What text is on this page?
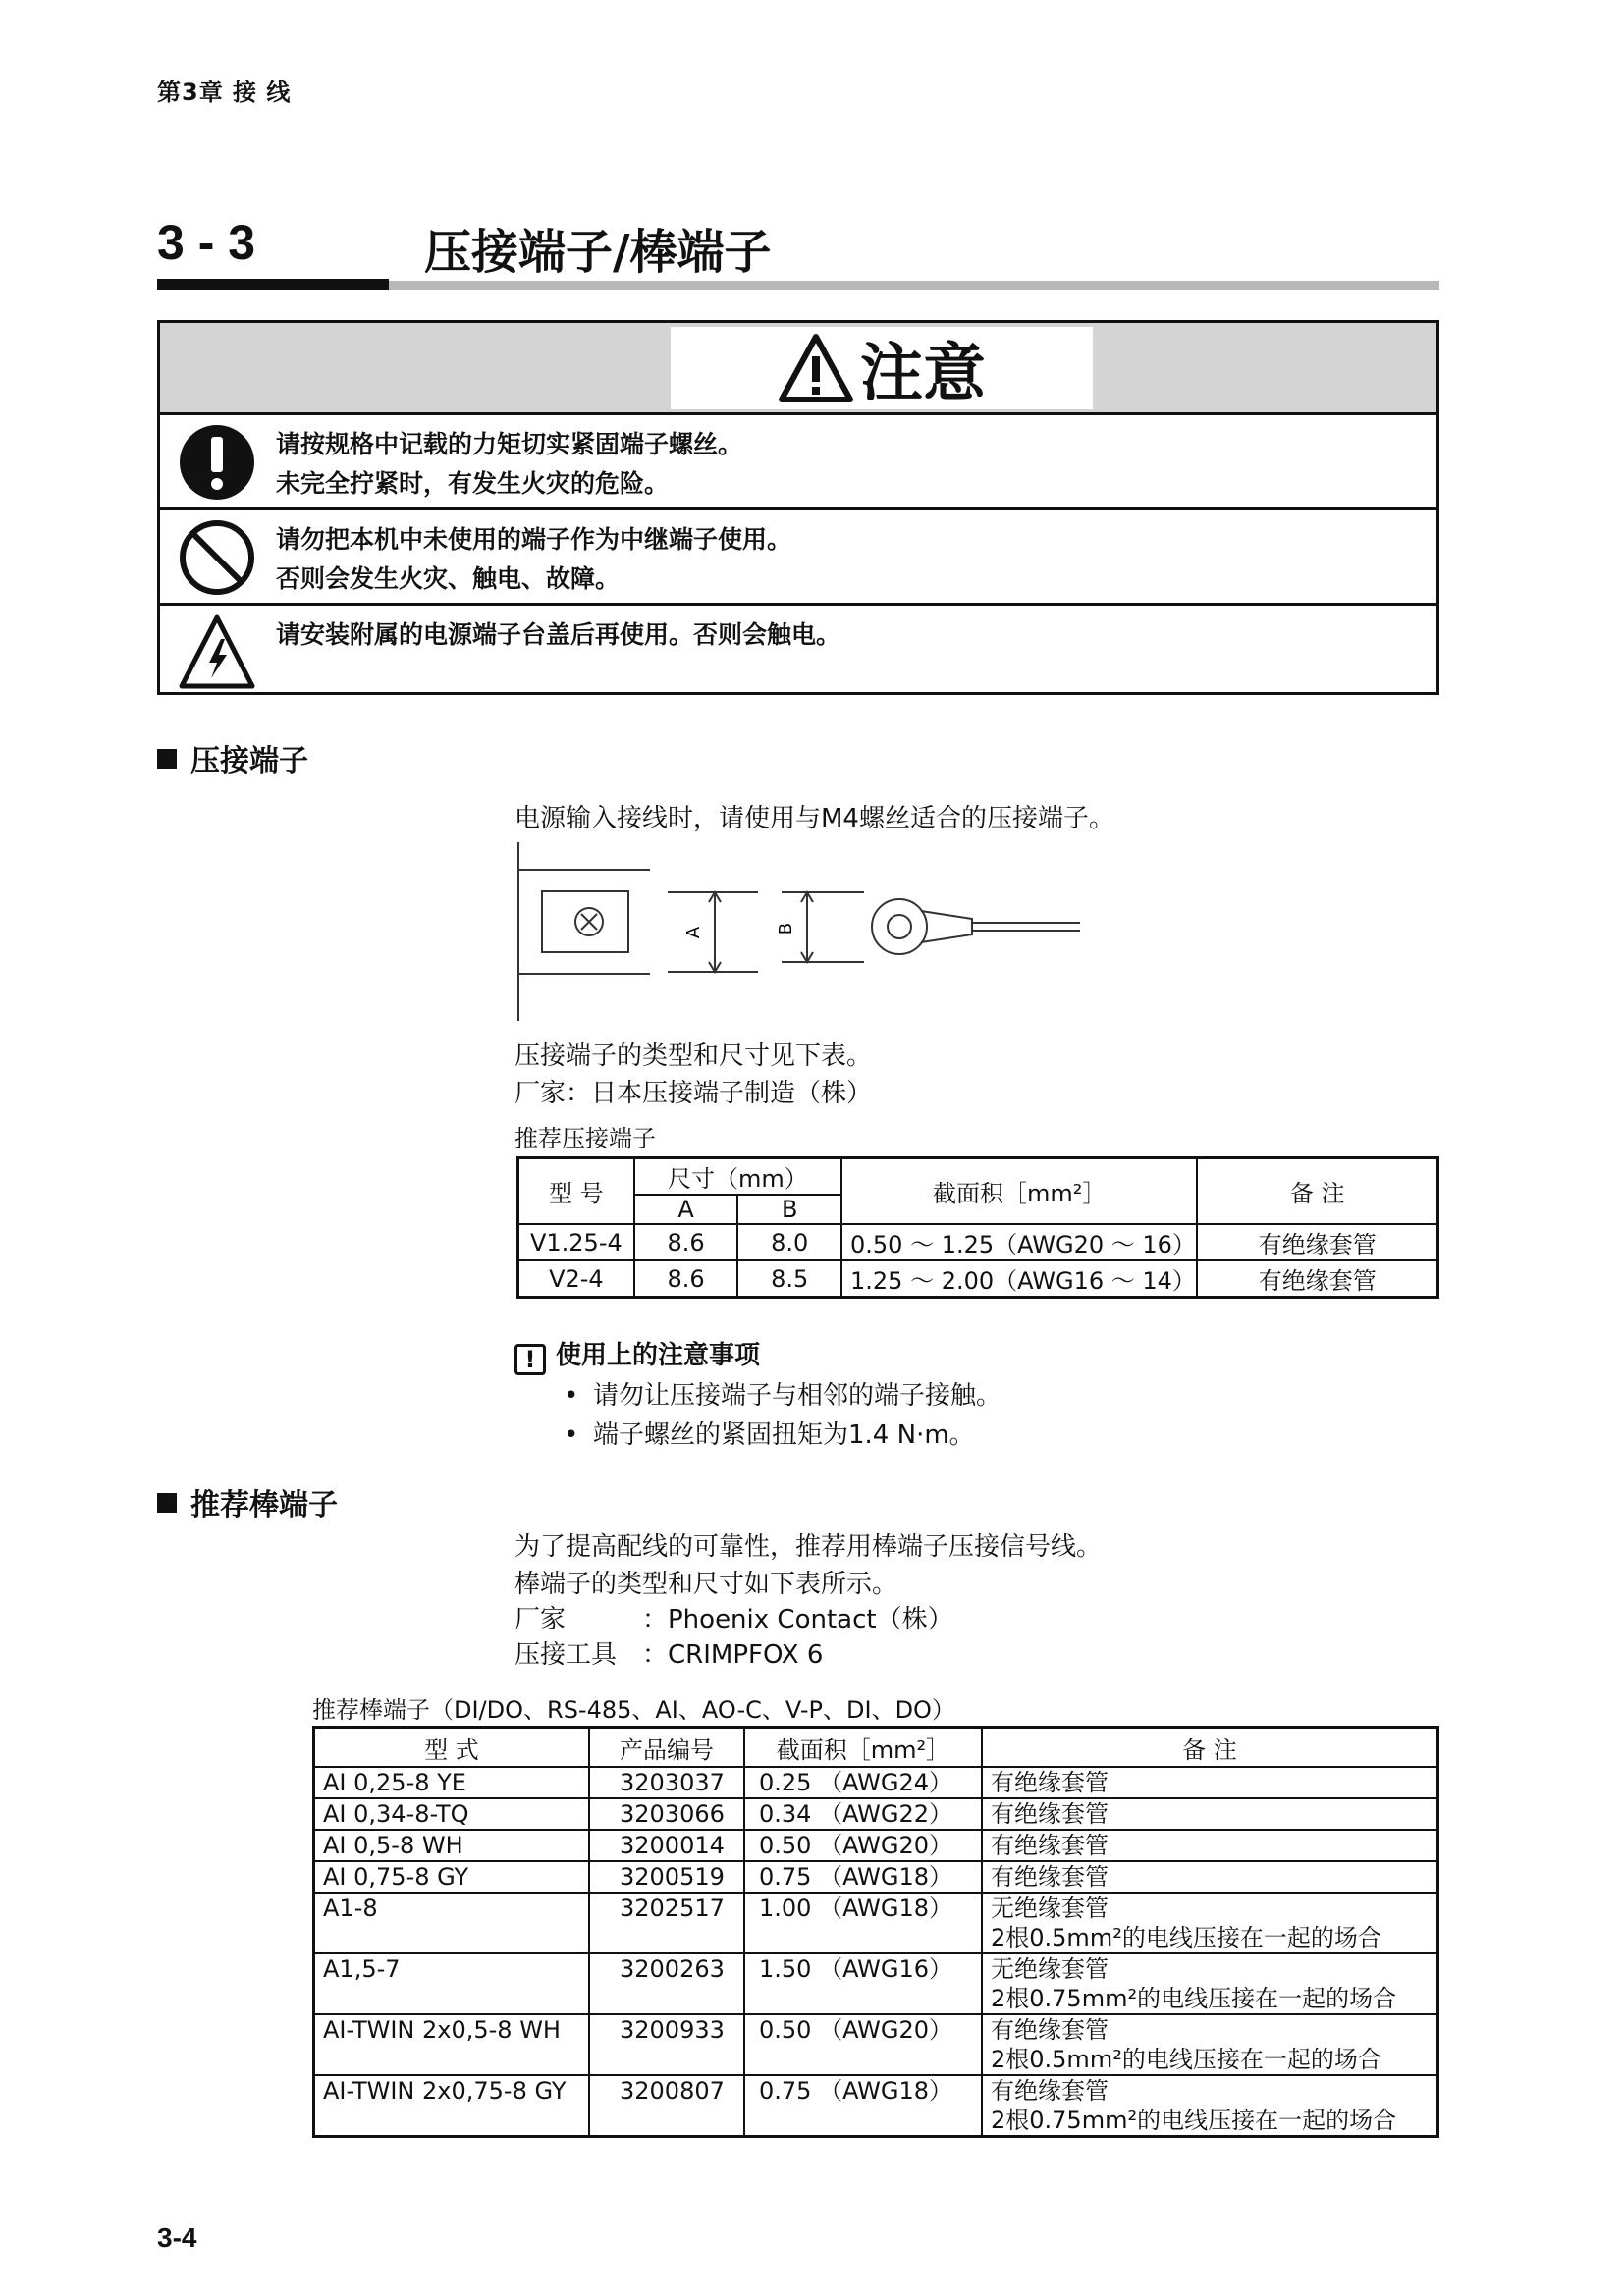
第3章 接 线
3 - 3	压接端子/棒端子
注意
请按规格中记载的力矩切实紧固端子螺丝。
未完全拧紧时，有发生火灾的危险。
请勿把本机中未使用的端子作为中继端子使用。
否则会发生火灾、触电、故障。
请安装附属的电源端子台盖后再使用。否则会触电。
压接端子
电源输入接线时，请使用与M4螺丝适合的压接端子。
A	B
压接端子的类型和尺寸见下表。
厂家：日本压接端子制造（株）
推荐压接端子
型 号	尺寸（mm）		截面积［mm²］	备 注
	A	B		
V1.25-4	8.6	8.0	0.50 ～ 1.25（AWG20 ～ 16）	有绝缘套管
V2-4	8.6	8.5	1.25 ～ 2.00（AWG16 ～ 14）	有绝缘套管
! 使用上的注意事项
• 请勿让压接端子与相邻的端子接触。
• 端子螺丝的紧固扭矩为1.4 N·m。
推荐棒端子
为了提高配线的可靠性，推荐用棒端子压接信号线。
棒端子的类型和尺寸如下表所示。
厂家	：Phoenix Contact（株）
压接工具 ：CRIMPFOX 6
推荐棒端子（DI/DO、RS-485、AI、AO-C、V-P、DI、DO）
型 式	产品编号	截面积［mm²］	备 注
AI 0,25-8 YE	3203037	0.25 （AWG24）	有绝缘套管
AI 0,34-8-TQ	3203066	0.34 （AWG22）	有绝缘套管
AI 0,5-8 WH	3200014	0.50 （AWG20）	有绝缘套管
AI 0,75-8 GY	3200519	0.75 （AWG18）	有绝缘套管
A1-8	3202517	1.00 （AWG18）	无绝缘套管
2根0.5mm²的电线压接在一起的场合

A1,5-7	3200263	1.50 （AWG16）	无绝缘套管
2根0.75mm²的电线压接在一起的场合

AI-TWIN 2x0,5-8 WH	3200933	0.50 （AWG20）	有绝缘套管
2根0.5mm²的电线压接在一起的场合

AI-TWIN 2x0,75-8 GY	3200807	0.75 （AWG18）	有绝缘套管
2根0.75mm²的电线压接在一起的场合
3-4
